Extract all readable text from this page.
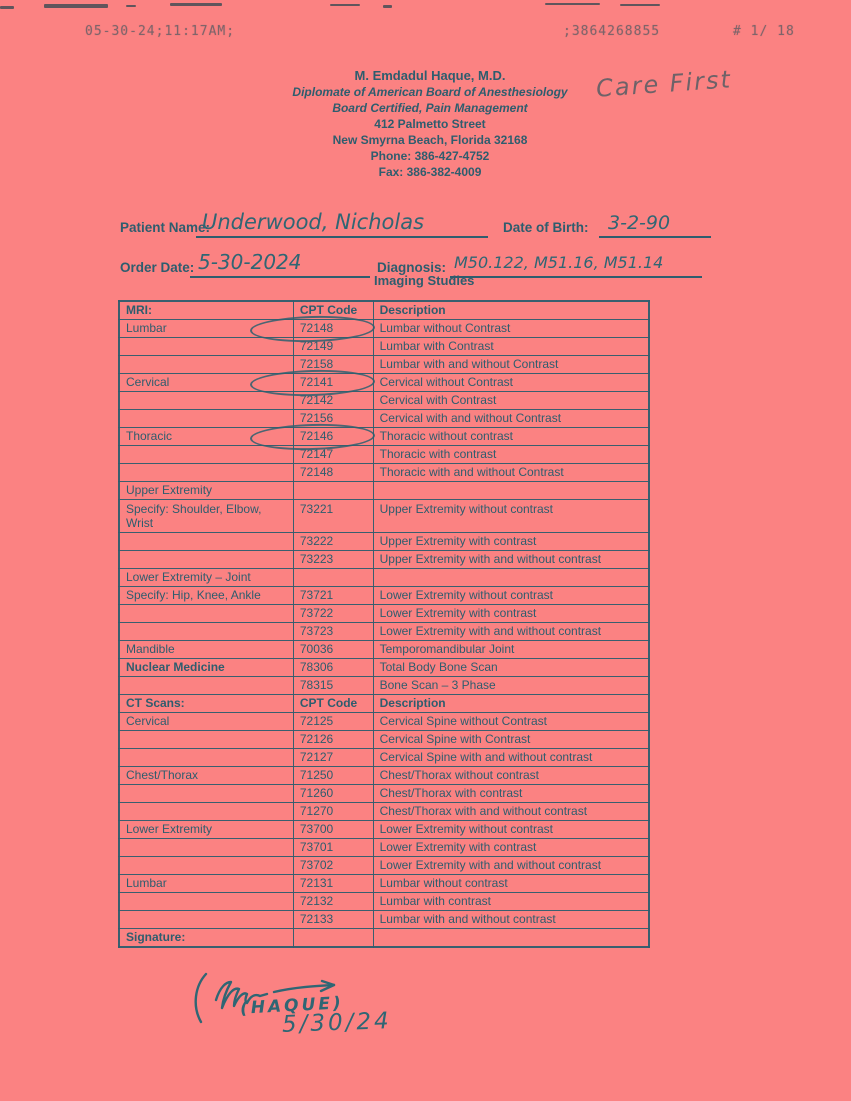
05-30-24;11:17AM;	;3864268855	# 1/ 18
M. Emdadul Haque, M.D.
Diplomate of American Board of Anesthesiology
Board Certified, Pain Management
412 Palmetto Street
New Smyrna Beach, Florida 32168
Phone: 386-427-4752
Fax: 386-382-4009
Care First
Patient Name:
Underwood, Nicholas	Date of Birth: 3-2-90
Order Date: 5-30-2024	Diagnosis: M50.122, M51.16, M51.14
Imaging Studies
MRI:	CPT Code	Description
Lumbar	72148	Lumbar without Contrast
	72149	Lumbar with Contrast
	72158	Lumbar with and without Contrast
Cervical	72141	Cervical without Contrast
	72142	Cervical with Contrast
	72156	Cervical with and without Contrast
Thoracic	72146	Thoracic without contrast
	72147	Thoracic with contrast
	72148	Thoracic with and without Contrast
Upper Extremity		
Specify: Shoulder, Elbow, Wrist	73221	Upper Extremity without contrast
	73222	Upper Extremity with contrast
	73223	Upper Extremity with and without contrast
Lower Extremity – Joint		
Specify: Hip, Knee, Ankle	73721	Lower Extremity without contrast
	73722	Lower Extremity with contrast
	73723	Lower Extremity with and without contrast
Mandible	70036	Temporomandibular Joint
Nuclear Medicine	78306	Total Body Bone Scan
	78315	Bone Scan – 3 Phase
CT Scans:	CPT Code	Description
Cervical	72125	Cervical Spine without Contrast
	72126	Cervical Spine with Contrast
	72127	Cervical Spine with and without contrast
Chest/Thorax	71250	Chest/Thorax without contrast
	71260	Chest/Thorax with contrast
	71270	Chest/Thorax with and without contrast
Lower Extremity	73700	Lower Extremity without contrast
	73701	Lower Extremity with contrast
	73702	Lower Extremity with and without contrast
Lumbar	72131	Lumbar without contrast
	72132	Lumbar with contrast
	72133	Lumbar with and without contrast
Signature:		
(HAQUE)
5/30/24
